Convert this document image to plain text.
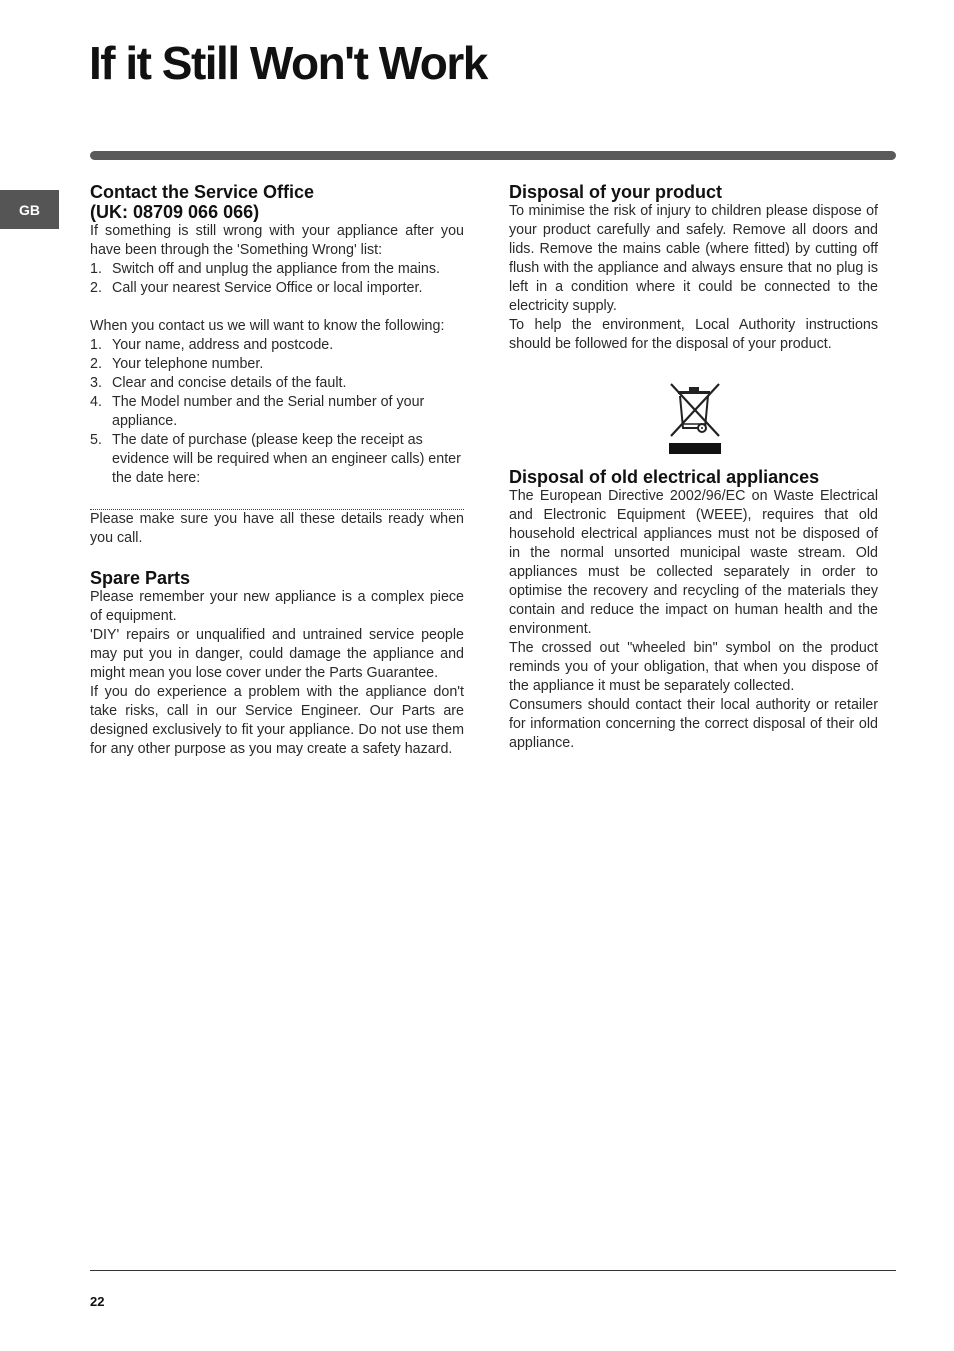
If it Still Won't Work
GB
Contact the Service Office
(UK: 08709 066 066)

If something is still wrong with your appliance after you have been through the 'Something Wrong' list:

1. Switch off and unplug the appliance from the mains.
2. Call your nearest Service Office or local importer.

When you contact us we will want to know the following:

1. Your name, address and postcode.
2. Your telephone number.
3. Clear and concise details of the fault.
4. The Model number and the Serial number of your appliance.
5. The date of purchase (please keep the receipt as evidence will be required when an engineer calls) enter the date here:

Please make sure you have all these details ready when you call.

Spare Parts

Please remember your new appliance is a complex piece of equipment.

'DIY' repairs or unqualified and untrained service people may put you in danger, could damage the appliance and might mean you lose cover under the Parts Guarantee.

If you do experience a problem with the appliance don't take risks, call in our Service Engineer. Our Parts are designed exclusively to fit your appliance. Do not use them for any other purpose as you may create a safety hazard.

Disposal of your product

To minimise the risk of injury to children please dispose of your product carefully and safely. Remove all doors and lids. Remove the mains cable (where fitted) by cutting off flush with the appliance and always ensure that no plug is left in a condition where it could be connected to the electricity supply.

To help the environment, Local Authority instructions should be followed for the disposal of your product.

Disposal of old electrical appliances

The European Directive 2002/96/EC on Waste Electrical and Electronic Equipment (WEEE), requires that old household electrical appliances must not be disposed of in the normal unsorted municipal waste stream. Old appliances must be collected separately in order to optimise the recovery and recycling of the materials they contain and reduce the impact on human health and the environment.

The crossed out "wheeled bin" symbol on the product reminds you of your obligation, that when you dispose of the appliance it must be separately collected.

Consumers should contact their local authority or retailer for information concerning the correct disposal of their old appliance.

22
